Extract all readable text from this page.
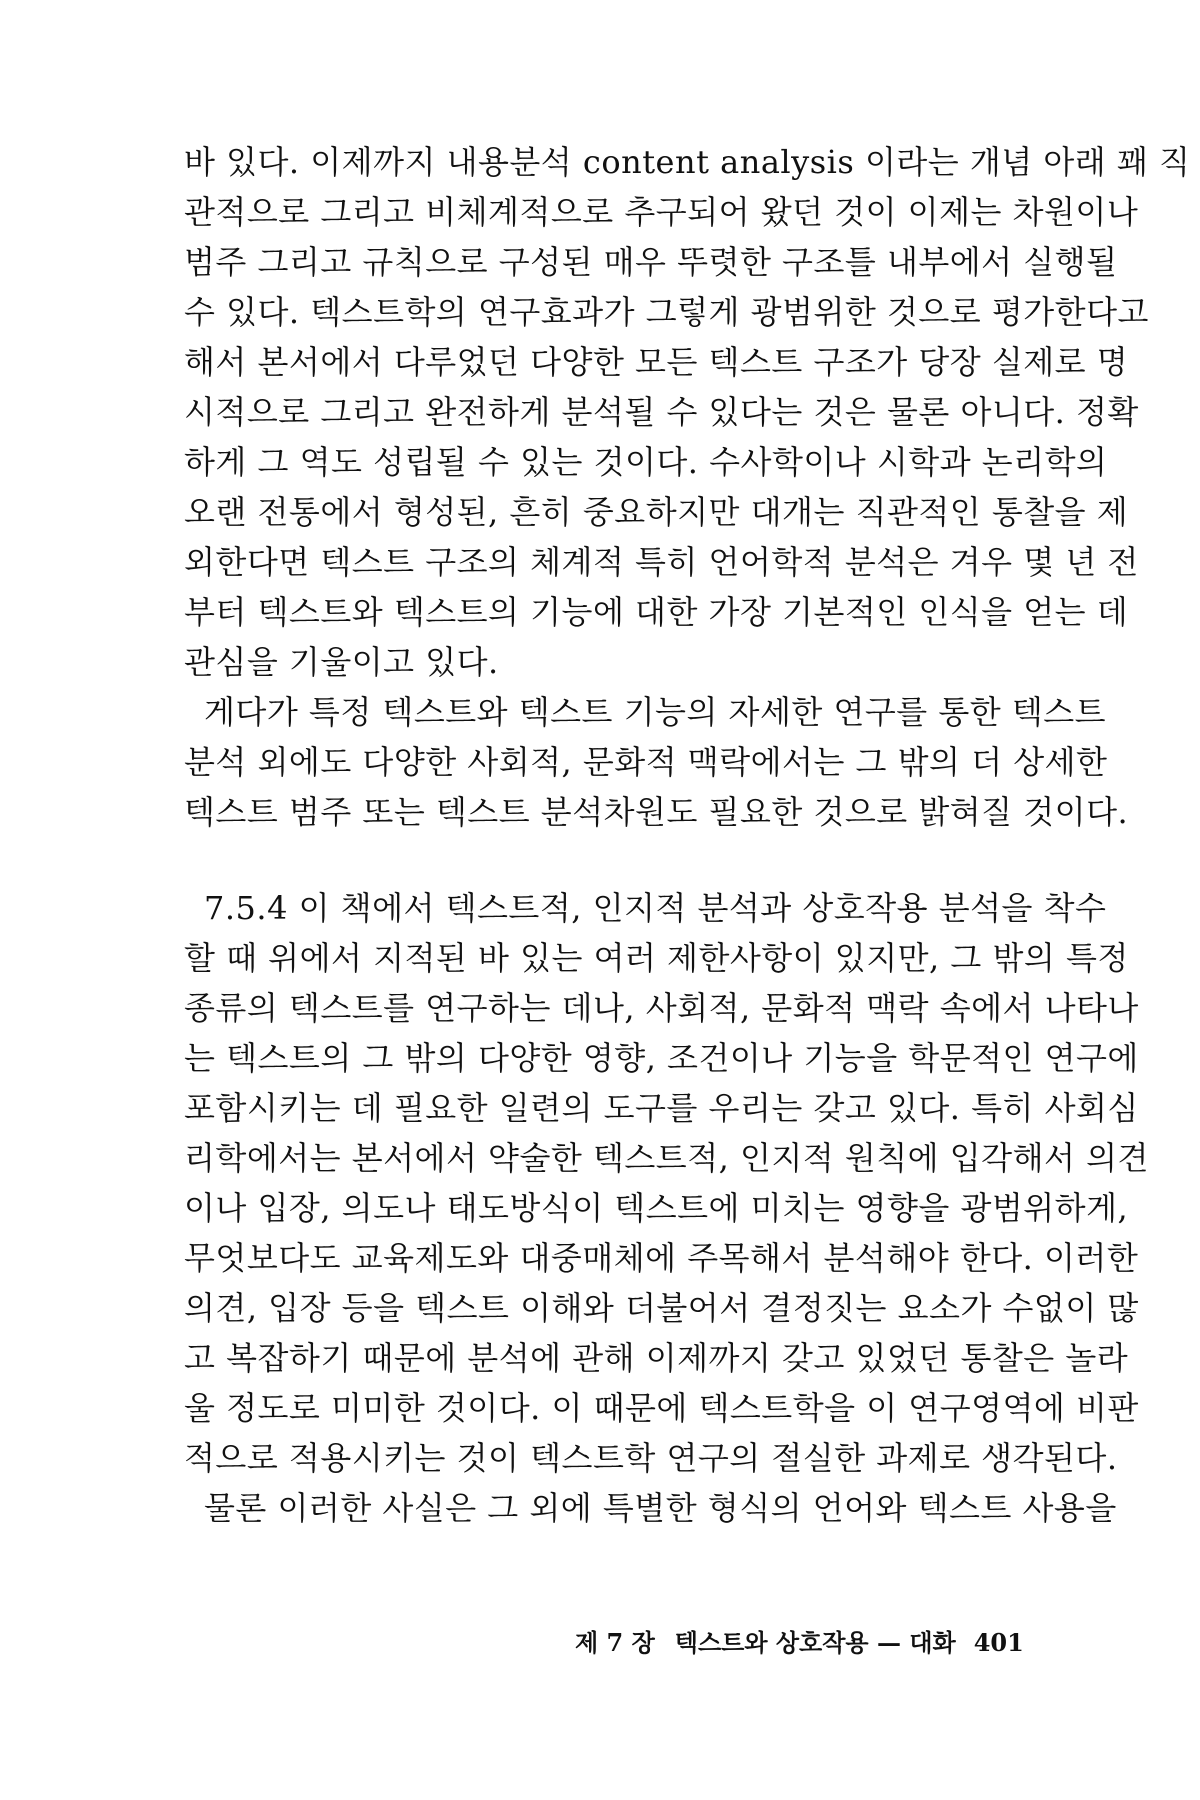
바 있다. 이제까지 내용분석 content analysis 이라는 개념 아래 꽤 직
관적으로 그리고 비체계적으로 추구되어 왔던 것이 이제는 차원이나
범주 그리고 규칙으로 구성된 매우 뚜렷한 구조틀 내부에서 실행될
수 있다. 텍스트학의 연구효과가 그렇게 광범위한 것으로 평가한다고
해서 본서에서 다루었던 다양한 모든 텍스트 구조가 당장 실제로 명
시적으로 그리고 완전하게 분석될 수 있다는 것은 물론 아니다. 정확
하게 그 역도 성립될 수 있는 것이다. 수사학이나 시학과 논리학의
오랜 전통에서 형성된, 흔히 중요하지만 대개는 직관적인 통찰을 제
외한다면 텍스트 구조의 체계적 특히 언어학적 분석은 겨우 몇 년 전
부터 텍스트와 텍스트의 기능에 대한 가장 기본적인 인식을 얻는 데
관심을 기울이고 있다.
게다가 특정 텍스트와 텍스트 기능의 자세한 연구를 통한 텍스트
분석 외에도 다양한 사회적, 문화적 맥락에서는 그 밖의 더 상세한
텍스트 범주 또는 텍스트 분석차원도 필요한 것으로 밝혀질 것이다.
7.5.4 이 책에서 텍스트적, 인지적 분석과 상호작용 분석을 착수
할 때 위에서 지적된 바 있는 여러 제한사항이 있지만, 그 밖의 특정
종류의 텍스트를 연구하는 데나, 사회적, 문화적 맥락 속에서 나타나
는 텍스트의 그 밖의 다양한 영향, 조건이나 기능을 학문적인 연구에
포함시키는 데 필요한 일련의 도구를 우리는 갖고 있다. 특히 사회심
리학에서는 본서에서 약술한 텍스트적, 인지적 원칙에 입각해서 의견
이나 입장, 의도나 태도방식이 텍스트에 미치는 영향을 광범위하게,
무엇보다도 교육제도와 대중매체에 주목해서 분석해야 한다. 이러한
의견, 입장 등을 텍스트 이해와 더불어서 결정짓는 요소가 수없이 많
고 복잡하기 때문에 분석에 관해 이제까지 갖고 있었던 통찰은 놀라
울 정도로 미미한 것이다. 이 때문에 텍스트학을 이 연구영역에 비판
적으로 적용시키는 것이 텍스트학 연구의 절실한 과제로 생각된다.
물론 이러한 사실은 그 외에 특별한 형식의 언어와 텍스트 사용을
제 7 장 텍스트와 상호작용 — 대화 401
